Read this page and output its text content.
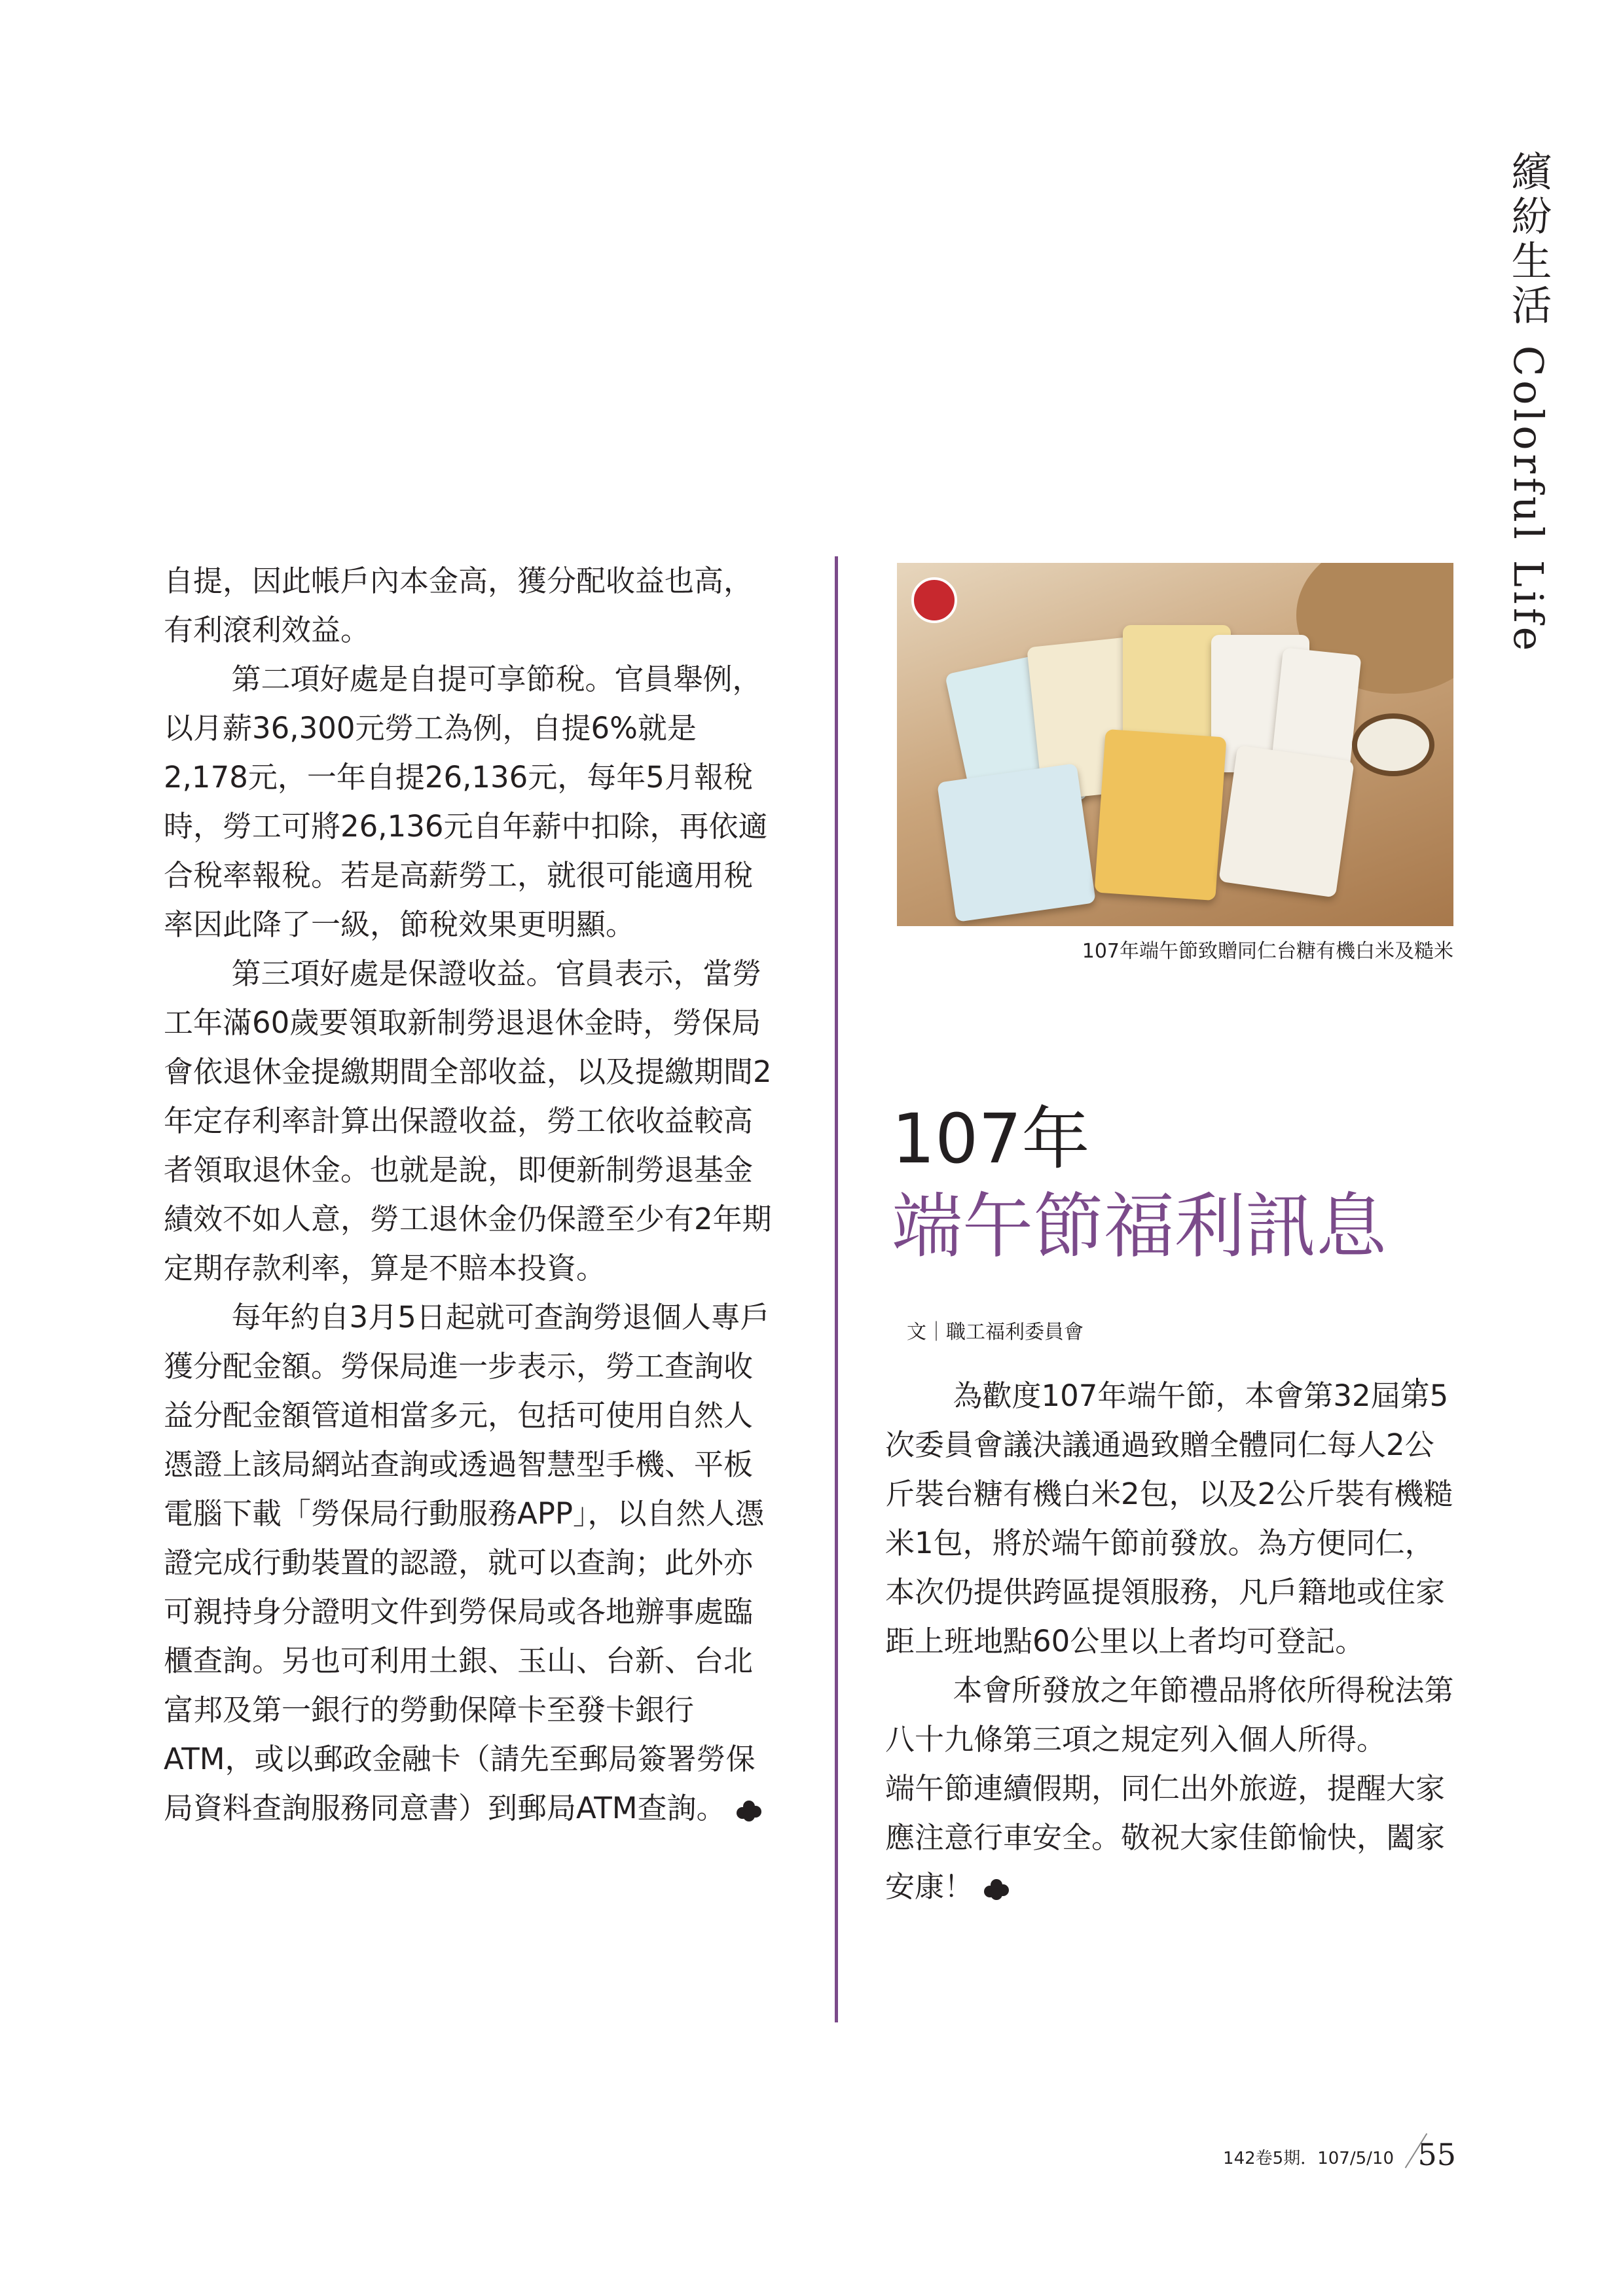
繽紛生活 Colorful Life

自提，因此帳戶內本金高，獲分配收益也高，有利滾利效益。

第二項好處是自提可享節稅。官員舉例，以月薪36,300元勞工為例，自提6%就是2,178元，一年自提26,136元，每年5月報稅時，勞工可將26,136元自年薪中扣除，再依適合稅率報稅。若是高薪勞工，就很可能適用稅率因此降了一級，節稅效果更明顯。

第三項好處是保證收益。官員表示，當勞工年滿60歲要領取新制勞退退休金時，勞保局會依退休金提繳期間全部收益，以及提繳期間2年定存利率計算出保證收益，勞工依收益較高者領取退休金。也就是說，即便新制勞退基金績效不如人意，勞工退休金仍保證至少有2年期定期存款利率，算是不賠本投資。

每年約自3月5日起就可查詢勞退個人專戶獲分配金額。勞保局進一步表示，勞工查詢收益分配金額管道相當多元，包括可使用自然人憑證上該局網站查詢或透過智慧型手機、平板電腦下載「勞保局行動服務APP」，以自然人憑證完成行動裝置的認證，就可以查詢；此外亦可親持身分證明文件到勞保局或各地辦事處臨櫃查詢。另也可利用土銀、玉山、台新、台北富邦及第一銀行的勞動保障卡至發卡銀行ATM，或以郵政金融卡（請先至郵局簽署勞保局資料查詢服務同意書）到郵局ATM查詢。

107年端午節致贈同仁台糖有機白米及糙米
107年
端午節福利訊息
文｜職工福利委員會

為歡度107年端午節，本會第32屆第5次委員會議決議通過致贈全體同仁每人2公斤裝台糖有機白米2包，以及2公斤裝有機糙米1包，將於端午節前發放。為方便同仁，本次仍提供跨區提領服務，凡戶籍地或住家距上班地點60公里以上者均可登記。

本會所發放之年節禮品將依所得稅法第八十九條第三項之規定列入個人所得。

端午節連續假期，同仁出外旅遊，提醒大家應注意行車安全。敬祝大家佳節愉快，闔家安康！

142卷5期．107/5/10 55
